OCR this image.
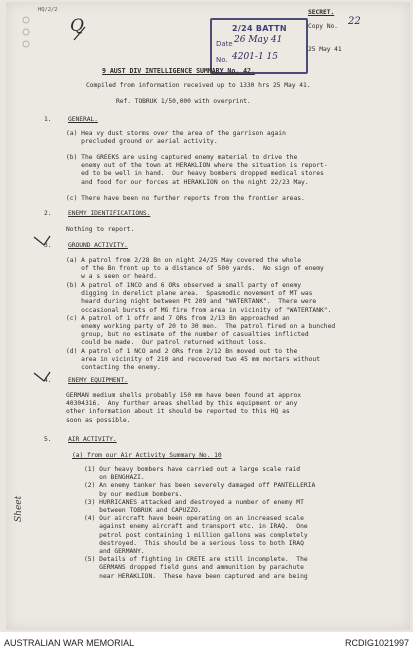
HQ/2/2
Q	2/24 BATTN
Date 26 May 41
No. 4201-1 15
SECRET.
Copy No. 22
25 May 41
9 AUST DIV INTELLIGENCE SUMMARY No. 42.
Compiled from information received up to 1330 hrs 25 May 41.
Ref. TOBRUK 1/50,000 with overprint.
1.	GENERAL.
(a) Hea vy dust storms over the area of the garrison again
precluded ground or aerial activity.
(b) The GREEKS are using captured enemy material to drive the
enemy out of the town at HERAKLION where the situation is report-
ed to be well in hand.  Our heavy bombers dropped medical stores
and food for our forces at HERAKLION on the night 22/23 May.
(c) There have been no further reports from the frontier areas.
2.	ENEMY IDENTIFICATIONS.
Nothing to report.
3.	GROUND ACTIVITY.
(a) A patrol from 2/28 Bn on night 24/25 May covered the whole
of the Bn front up to a distance of 500 yards.  No sign of enemy
w a s seen or heard.
(b) A patrol of 1NCO and 6 ORs observed a small party of enemy
digging in derelict plane area.  Spasmodic movement of MT was
heard during night between Pt 209 and "WATERTANK".  There were
occasional bursts of MG fire from area in vicinity of "WATERTANK".
(c) A patrol of 1 offr and 7 ORs from 2/13 Bn approached an
enemy working party of 20 to 30 men.  The patrol fired on a bunched
group, but no estimate of the number of casualties inflicted
could be made.  Our patrol returned without loss.
(d) A patrol of 1 NCO and 2 ORs from 2/12 Bn moved out to the
area in vicinity of 210 and recovered two 45 mm mortars without
contacting the enemy.
4.	ENEMY EQUIPMENT.
GERMAN medium shells probably 150 mm have been found at approx
40304316.  Any further areas shelled by this equipment or any
other information about it should be reported to this HQ as
soon as possible.
5.	AIR ACTIVITY.
(a) from our Air Activity Summary No. 10
(1) Our heavy bombers have carried out a large scale raid
on BENGHAZI.
(2) An enemy tanker has been severely damaged off PANTELLERIA
by our medium bombers.
(3) HURRICANES attacked and destroyed a number of enemy MT
between TOBRUK and CAPUZZO.
(4) Our aircraft have been operating on an increased scale
against enemy aircraft and transport etc. in IRAQ.  One
petrol post containing 1 million gallons was completely
destroyed.  This should be a serious loss to both IRAQ
and GERMANY.
(5) Details of fighting in CRETE are still incomplete.  The
GERMANS dropped field guns and ammunition by parachute
near HERAKLION.  These have been captured and are being
Sheet
AUSTRALIAN WAR MEMORIAL	RCDIG1021997
